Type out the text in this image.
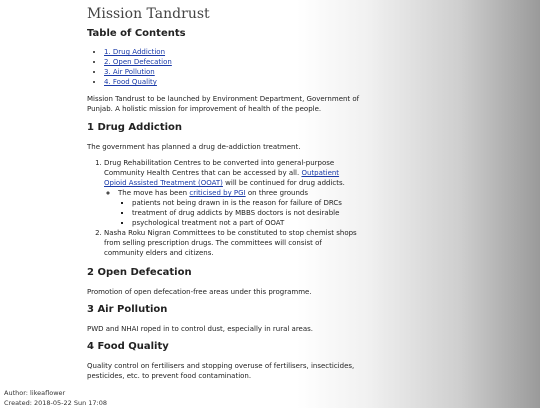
Mission Tandrust
Table of Contents
• 1. Drug Addiction
• 2. Open Defecation
• 3. Air Pollution
• 4. Food Quality

Mission Tandrust to be launched by Environment Department, Government of Punjab. A holistic mission for improvement of health of the people.

1 Drug Addiction

The government has planned a drug de-addiction treatment.

1. Drug Rehabilitation Centres to be converted into general-purpose Community Health Centres that can be accessed by all. Outpatient Opioid Assisted Treatment (OOAT) will be continued for drug addicts.
◦ The move has been criticised by PGI on three grounds
▪ patients not being drawn in is the reason for failure of DRCs
▪ treatment of drug addicts by MBBS doctors is not desirable
▪ psychological treatment not a part of OOAT
2. Nasha Roku Nigran Committees to be constituted to stop chemist shops from selling prescription drugs. The committees will consist of community elders and citizens.
2 Open Defecation

Promotion of open defecation-free areas under this programme.

3 Air Pollution

PWD and NHAI roped in to control dust, especially in rural areas.

4 Food Quality

Quality control on fertilisers and stopping overuse of fertilisers, insecticides, pesticides, etc. to prevent food contamination.

Author: likeaflower
Created: 2018-05-22 Sun 17:08
